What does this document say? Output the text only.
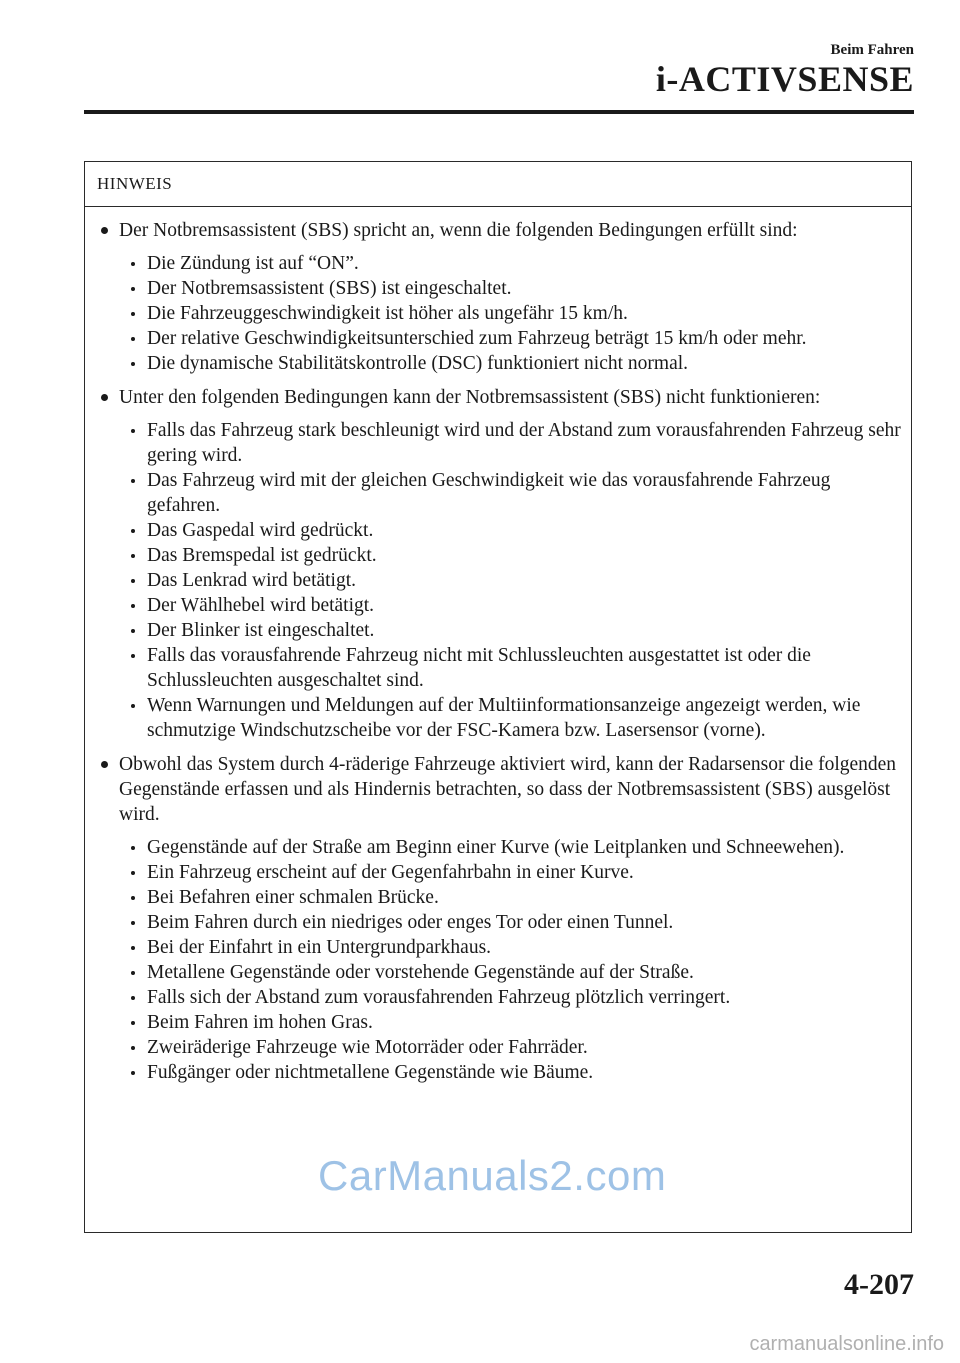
Beim Fahren
i-ACTIVSENSE
HINWEIS
Der Notbremsassistent (SBS) spricht an, wenn die folgenden Bedingungen erfüllt sind:
Die Zündung ist auf “ON”.
Der Notbremsassistent (SBS) ist eingeschaltet.
Die Fahrzeuggeschwindigkeit ist höher als ungefähr 15 km/h.
Der relative Geschwindigkeitsunterschied zum Fahrzeug beträgt 15 km/h oder mehr.
Die dynamische Stabilitätskontrolle (DSC) funktioniert nicht normal.
Unter den folgenden Bedingungen kann der Notbremsassistent (SBS) nicht funktionieren:
Falls das Fahrzeug stark beschleunigt wird und der Abstand zum vorausfahrenden Fahrzeug sehr gering wird.
Das Fahrzeug wird mit der gleichen Geschwindigkeit wie das vorausfahrende Fahrzeug gefahren.
Das Gaspedal wird gedrückt.
Das Bremspedal ist gedrückt.
Das Lenkrad wird betätigt.
Der Wählhebel wird betätigt.
Der Blinker ist eingeschaltet.
Falls das vorausfahrende Fahrzeug nicht mit Schlussleuchten ausgestattet ist oder die Schlussleuchten ausgeschaltet sind.
Wenn Warnungen und Meldungen auf der Multiinformationsanzeige angezeigt werden, wie schmutzige Windschutzscheibe vor der FSC-Kamera bzw. Lasersensor (vorne).
Obwohl das System durch 4-räderige Fahrzeuge aktiviert wird, kann der Radarsensor die folgenden Gegenstände erfassen und als Hindernis betrachten, so dass der Notbremsassistent (SBS) ausgelöst wird.
Gegenstände auf der Straße am Beginn einer Kurve (wie Leitplanken und Schneewehen).
Ein Fahrzeug erscheint auf der Gegenfahrbahn in einer Kurve.
Bei Befahren einer schmalen Brücke.
Beim Fahren durch ein niedriges oder enges Tor oder einen Tunnel.
Bei der Einfahrt in ein Untergrundparkhaus.
Metallene Gegenstände oder vorstehende Gegenstände auf der Straße.
Falls sich der Abstand zum vorausfahrenden Fahrzeug plötzlich verringert.
Beim Fahren im hohen Gras.
Zweiräderige Fahrzeuge wie Motorräder oder Fahrräder.
Fußgänger oder nichtmetallene Gegenstände wie Bäume.
CarManuals2.com
4-207
carmanualsonline.info
